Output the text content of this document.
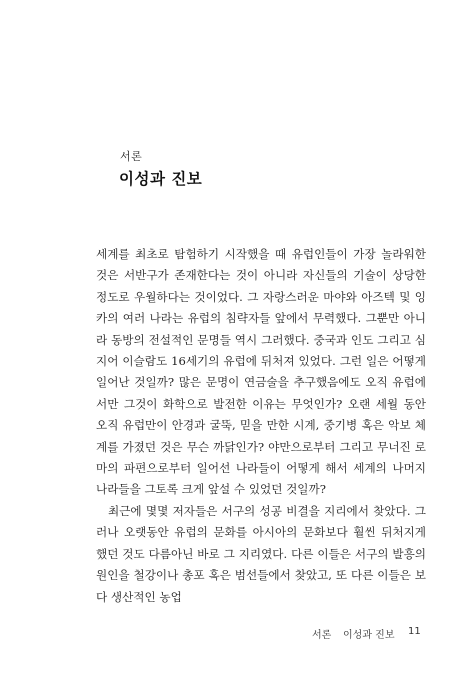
서론
이성과 진보

세계를 최초로 탐험하기 시작했을 때 유럽인들이 가장 놀라워한 것은 서반구가 존재한다는 것이 아니라 자신들의 기술이 상당한 정도로 우월하다는 것이었다. 그 자랑스러운 마야와 아즈텍 및 잉카의 여러 나라는 유럽의 침략자들 앞에서 무력했다. 그뿐만 아니라 동방의 전설적인 문명들 역시 그러했다. 중국과 인도 그리고 심지어 이슬람도 16세기의 유럽에 뒤처져 있었다. 그런 일은 어떻게 일어난 것일까? 많은 문명이 연금술을 추구했음에도 오직 유럽에서만 그것이 화학으로 발전한 이유는 무엇인가? 오랜 세월 동안 오직 유럽만이 안경과 굴뚝, 믿을 만한 시계, 중기병 혹은 악보 체계를 가졌던 것은 무슨 까닭인가? 야만으로부터 그리고 무너진 로마의 파편으로부터 일어선 나라들이 어떻게 해서 세계의 나머지 나라들을 그토록 크게 앞설 수 있었던 것일까?

최근에 몇몇 저자들은 서구의 성공 비결을 지리에서 찾았다. 그러나 오랫동안 유럽의 문화를 아시아의 문화보다 훨씬 뒤처지게 했던 것도 다름아닌 바로 그 지리였다. 다른 이들은 서구의 발흥의 원인을 철강이나 총포 혹은 범선들에서 찾았고, 또 다른 이들은 보다 생산적인 농업

서론 이성과 진보 11
